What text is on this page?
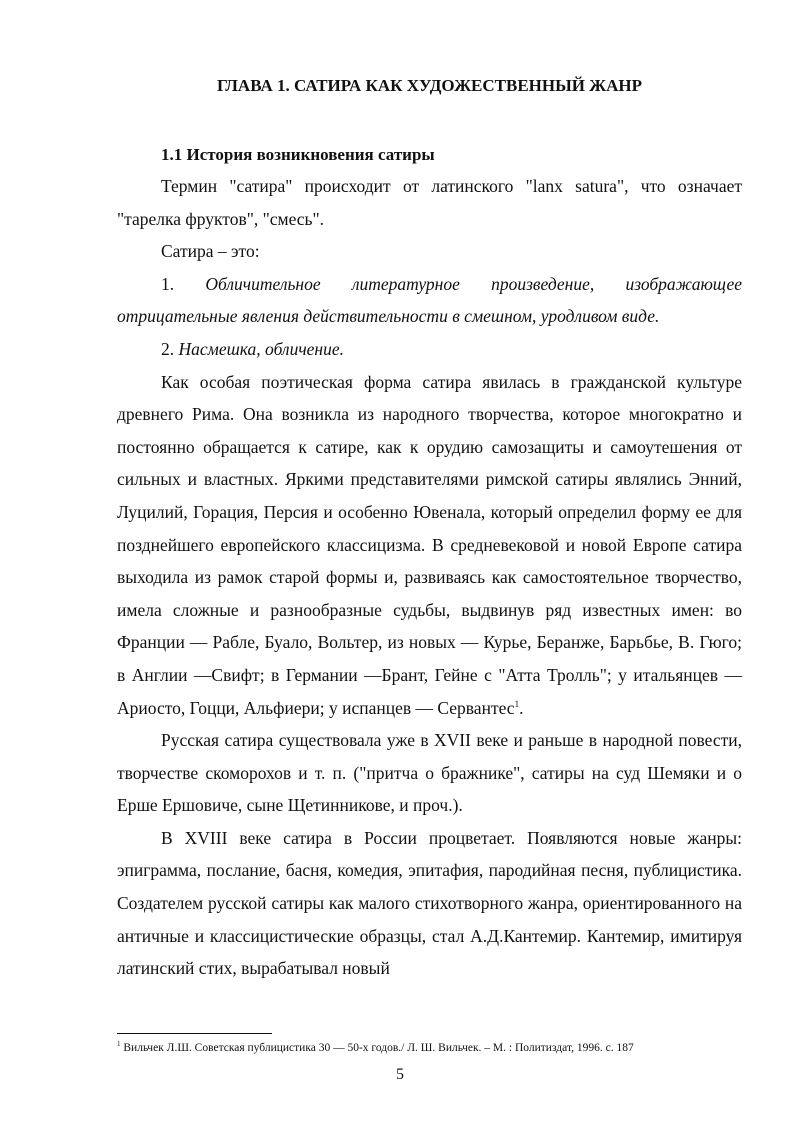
ГЛАВА 1. САТИРА КАК ХУДОЖЕСТВЕННЫЙ ЖАНР
1.1 История возникновения сатиры

Термин "сатира" происходит от латинского "lanx satura", что означает "тарелка фруктов", "смесь".

Сатира – это:

1. Обличительное литературное произведение, изображающее отрицательные явления действительности в смешном, уродливом виде.

2. Насмешка, обличение.

Как особая поэтическая форма сатира явилась в гражданской культуре древнего Рима. Она возникла из народного творчества, которое многократно и постоянно обращается к сатире, как к орудию самозащиты и самоутешения от сильных и властных. Яркими представителями римской сатиры являлись Энний, Луцилий, Горация, Персия и особенно Ювенала, который определил форму ее для позднейшего европейского классицизма. В средневековой и новой Европе сатира выходила из рамок старой формы и, развиваясь как самостоятельное творчество, имела сложные и разнообразные судьбы, выдвинув ряд известных имен: во Франции — Рабле, Буало, Вольтер, из новых — Курье, Беранже, Барьбье, В. Гюго; в Англии —Свифт; в Германии —Брант, Гейне с "Атта Тролль"; у итальянцев — Ариосто, Гоцци, Альфиери; у испанцев — Сервантес$^1$.

Русская сатира существовала уже в XVII веке и раньше в народной повести, творчестве скоморохов и т. п. ("притча о бражнике", сатиры на суд Шемяки и о Ерше Ершовиче, сыне Щетинникове, и проч.).

В XVIII веке сатира в России процветает. Появляются новые жанры: эпиграмма, послание, басня, комедия, эпитафия, пародийная песня, публицистика. Создателем русской сатиры как малого стихотворного жанра, ориентированного на античные и классицистические образцы, стал А.Д.Кантемир. Кантемир, имитируя латинский стих, вырабатывал новый

$^1$ Вильчек Л.Ш. Советская публицистика 30 — 50-х годов./ Л. Ш. Вильчек. – М. : Политиздат, 1996. с. 187
5
